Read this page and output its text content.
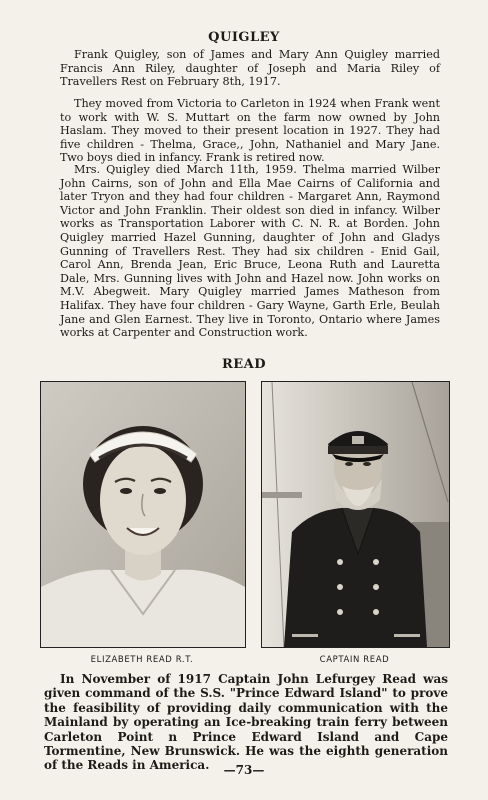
QUIGLEY

Frank Quigley, son of James and Mary Ann Quigley married Francis Ann Riley, daughter of Joseph and Maria Riley of Travellers Rest on February 8th, 1917.

They moved from Victoria to Carleton in 1924 when Frank went to work with W. S. Muttart on the farm now owned by John Haslam. They moved to their present location in 1927. They had five children - Thelma, Grace,, John, Nathaniel and Mary Jane. Two boys died in infancy. Frank is retired now.

Mrs. Quigley died March 11th, 1959. Thelma married Wilber John Cairns, son of John and Ella Mae Cairns of California and later Tryon and they had four children - Margaret Ann, Raymond Victor and John Franklin. Their oldest son died in infancy. Wilber works as Transportation Laborer with C. N. R. at Borden. John Quigley married Hazel Gunning, daughter of John and Gladys Gunning of Travellers Rest. They had six children - Enid Gail, Carol Ann, Brenda Jean, Eric Bruce, Leona Ruth and Lauretta Dale, Mrs. Gunning lives with John and Hazel now. John works on M.V. Abegweit. Mary Quigley married James Matheson from Halifax. They have four children - Gary Wayne, Garth Erle, Beulah Jane and Glen Earnest. They live in Toronto, Ontario where James works at Carpenter and Construction work.

READ
ELIZABETH READ R.T.	CAPTAIN READ

In November of 1917 Captain John Lefurgey Read was given command of the S.S. "Prince Edward Island" to prove the feasibility of providing daily communication with the Mainland by operating an Ice-breaking train ferry between Carleton Point n Prince Edward Island and Cape Tormentine, New Brunswick. He was the eighth generation of the Reads in America.	—73—
